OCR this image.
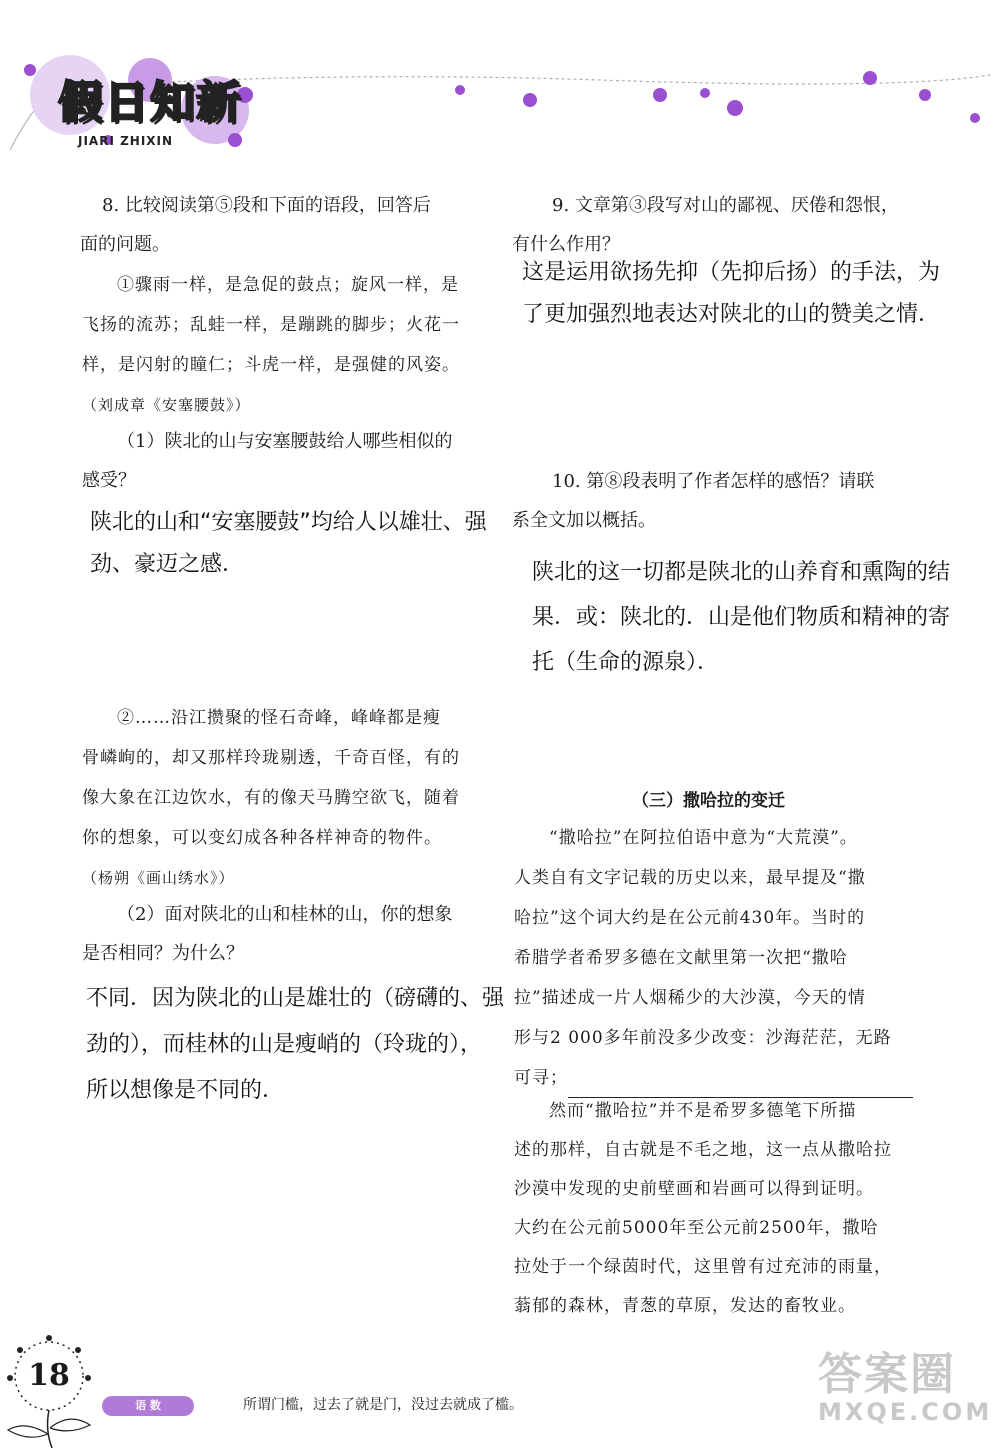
假日知新
JIARI ZHIXIN
8. 比较阅读第⑤段和下面的语段，回答后
面的问题。
①骤雨一样，是急促的鼓点；旋风一样，是
飞扬的流苏；乱蛙一样，是蹦跳的脚步；火花一
样，是闪射的瞳仁；斗虎一样，是强健的风姿。
（刘成章《安塞腰鼓》）
（1）陕北的山与安塞腰鼓给人哪些相似的
感受？
陕北的山和“安塞腰鼓”均给人以雄壮、强
劲、豪迈之感．
②……沿江攒聚的怪石奇峰，峰峰都是瘦
骨嶙峋的，却又那样玲珑剔透，千奇百怪，有的
像大象在江边饮水，有的像天马腾空欲飞，随着
你的想象，可以变幻成各种各样神奇的物件。
（杨朔《画山绣水》）
（2）面对陕北的山和桂林的山，你的想象
是否相同？为什么？
不同．因为陕北的山是雄壮的（磅礴的、强
劲的），而桂林的山是瘦峭的（玲珑的），
所以想像是不同的．
9. 文章第③段写对山的鄙视、厌倦和怨恨，
有什么作用？
这是运用欲扬先抑（先抑后扬）的手法，为
了更加强烈地表达对陕北的山的赞美之情．
10. 第⑧段表明了作者怎样的感悟？请联
系全文加以概括。
陕北的这一切都是陕北的山养育和熏陶的结
果．或：陕北的．山是他们物质和精神的寄
托（生命的源泉）．
（三）撒哈拉的变迁
“撒哈拉”在阿拉伯语中意为“大荒漠”。
人类自有文字记载的历史以来，最早提及“撒
哈拉”这个词大约是在公元前430年。当时的
希腊学者希罗多德在文献里第一次把“撒哈
拉”描述成一片人烟稀少的大沙漠，今天的情
形与2 000多年前没多少改变：沙海茫茫，无路
可寻；
然而“撒哈拉”并不是希罗多德笔下所描
述的那样，自古就是不毛之地，这一点从撒哈拉
沙漠中发现的史前壁画和岩画可以得到证明。
大约在公元前5000年至公元前2500年，撒哈
拉处于一个绿茵时代，这里曾有过充沛的雨量，
蓊郁的森林，青葱的草原，发达的畜牧业。
18
语 数	所谓门槛，过去了就是门，没过去就成了槛。
答案圈
MXQE.COM
